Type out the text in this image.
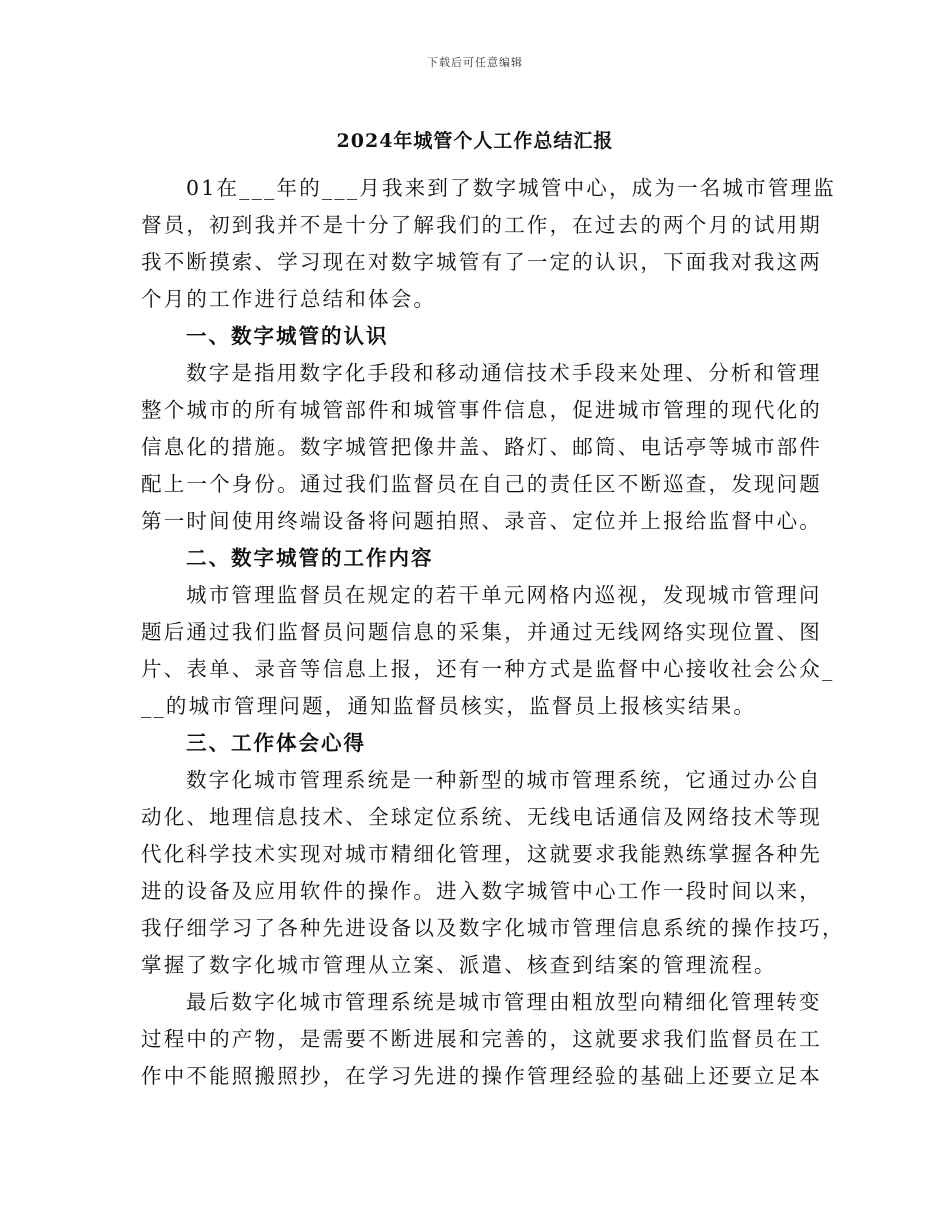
下载后可任意编辑
2024年城管个人工作总结汇报
01在___年的___月我来到了数字城管中心，成为一名城市管理监
督员，初到我并不是十分了解我们的工作，在过去的两个月的试用期
我不断摸索、学习现在对数字城管有了一定的认识，下面我对我这两
个月的工作进行总结和体会。
一、数字城管的认识
数字是指用数字化手段和移动通信技术手段来处理、分析和管理
整个城市的所有城管部件和城管事件信息，促进城市管理的现代化的
信息化的措施。数字城管把像井盖、路灯、邮筒、电话亭等城市部件
配上一个身份。通过我们监督员在自己的责任区不断巡查，发现问题
第一时间使用终端设备将问题拍照、录音、定位并上报给监督中心。
二、数字城管的工作内容
城市管理监督员在规定的若干单元网格内巡视，发现城市管理问
题后通过我们监督员问题信息的采集，并通过无线网络实现位置、图
片、表单、录音等信息上报，还有一种方式是监督中心接收社会公众_
__的城市管理问题，通知监督员核实，监督员上报核实结果。
三、工作体会心得
数字化城市管理系统是一种新型的城市管理系统，它通过办公自
动化、地理信息技术、全球定位系统、无线电话通信及网络技术等现
代化科学技术实现对城市精细化管理，这就要求我能熟练掌握各种先
进的设备及应用软件的操作。进入数字城管中心工作一段时间以来，
我仔细学习了各种先进设备以及数字化城市管理信息系统的操作技巧，
掌握了数字化城市管理从立案、派遣、核查到结案的管理流程。
最后数字化城市管理系统是城市管理由粗放型向精细化管理转变
过程中的产物，是需要不断进展和完善的，这就要求我们监督员在工
作中不能照搬照抄，在学习先进的操作管理经验的基础上还要立足本
